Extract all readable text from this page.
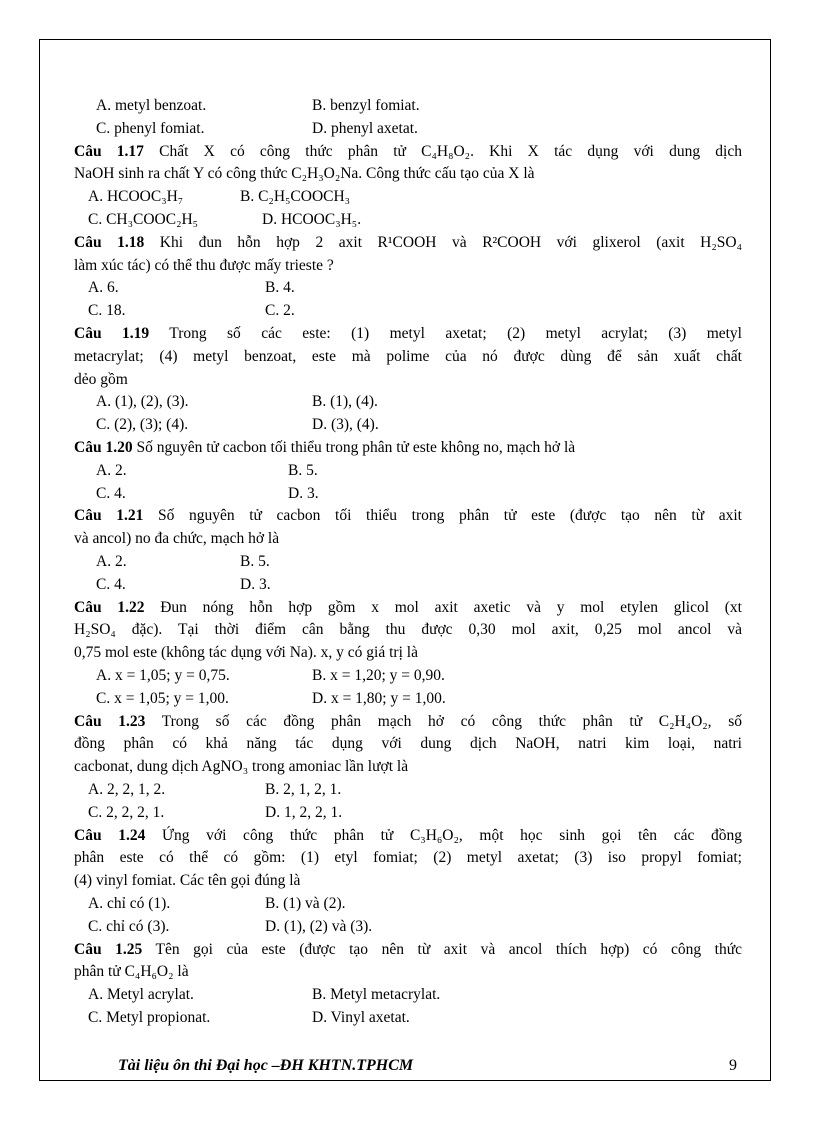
A. metyl benzoat.	B. benzyl fomiat.
C. phenyl fomiat.	D. phenyl axetat.
Câu 1.17 Chất X có công thức phân tử C₄H₈O₂. Khi X tác dụng với dung dịch
NaOH sinh ra chất Y có công thức C₂H₃O₂Na. Công thức cấu tạo của X là
A. HCOOC₃H₇	B. C₂H₅COOCH₃
C. CH₃COOC₂H₅	D. HCOOC₃H₅.
Câu 1.18 Khi đun hỗn hợp 2 axit R¹COOH và R²COOH với glixerol (axit H₂SO₄
làm xúc tác) có thể thu được mấy trieste ?
A. 6.	B. 4.
C. 18.	C. 2.
Câu 1.19 Trong số các este: (1) metyl axetat; (2) metyl acrylat; (3) metyl
metacrylat; (4) metyl benzoat, este mà polime của nó được dùng để sản xuất chất
dẻo gồm
A. (1), (2), (3).	B. (1), (4).
C. (2), (3); (4).	D. (3), (4).
Câu 1.20 Số nguyên tử cacbon tối thiểu trong phân tử este không no, mạch hở là
A. 2.	B. 5.
C. 4.	D. 3.
Câu 1.21 Số nguyên tử cacbon tối thiểu trong phân tử este (được tạo nên từ axit
và ancol) no đa chức, mạch hở là
A. 2.	B. 5.
C. 4.	D. 3.
Câu 1.22 Đun nóng hỗn hợp gồm x mol axit axetic và y mol etylen glicol (xt
H₂SO₄ đặc). Tại thời điểm cân bằng thu được 0,30 mol axit, 0,25 mol ancol và
0,75 mol este (không tác dụng với Na). x, y có giá trị là
A. x = 1,05; y = 0,75.	B. x = 1,20; y = 0,90.
C. x = 1,05; y = 1,00.	D. x = 1,80; y = 1,00.
Câu 1.23 Trong số các đồng phân mạch hở có công thức phân tử C₂H₄O₂, số
đồng phân có khả năng tác dụng với dung dịch NaOH, natri kim loại, natri
cacbonat, dung dịch AgNO₃ trong amoniac lần lượt là
A. 2, 2, 1, 2.	B. 2, 1, 2, 1.
C. 2, 2, 2, 1.	D. 1, 2, 2, 1.
Câu 1.24 Ứng với công thức phân tử C₃H₆O₂, một học sinh gọi tên các đồng
phân este có thể có gồm: (1) etyl fomiat; (2) metyl axetat; (3) iso propyl fomiat;
(4) vinyl fomiat. Các tên gọi đúng là
A. chỉ có (1).	B. (1) và (2).
C. chỉ có (3).	D. (1), (2) và (3).
Câu 1.25 Tên gọi của este (được tạo nên từ axit và ancol thích hợp) có công thức
phân tử C₄H₆O₂ là
A. Metyl acrylat.	B. Metyl metacrylat.
C. Metyl propionat.	D. Vinyl axetat.
Tài liệu ôn thi Đại học –ĐH KHTN.TPHCM	9
